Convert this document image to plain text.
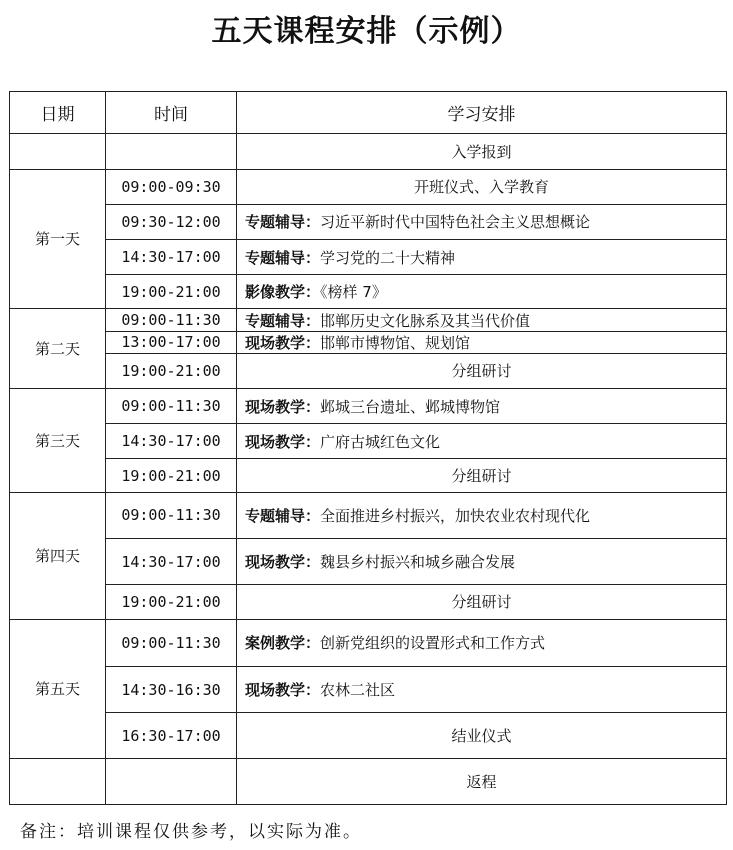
五天课程安排（示例）
日期	时间	学习安排
		入学报到
第一天	09:00-09:30	开班仪式、入学教育
	09:30-12:00	专题辅导：习近平新时代中国特色社会主义思想概论
	14:30-17:00	专题辅导：学习党的二十大精神
	19:00-21:00	影像教学：《榜样 7》
第二天	09:00-11:30	专题辅导：邯郸历史文化脉系及其当代价值
	13:00-17:00	现场教学：邯郸市博物馆、规划馆
	19:00-21:00	分组研讨
第三天	09:00-11:30	现场教学：邺城三台遗址、邺城博物馆
	14:30-17:00	现场教学：广府古城红色文化
	19:00-21:00	分组研讨
第四天	09:00-11:30	专题辅导：全面推进乡村振兴，加快农业农村现代化
	14:30-17:00	现场教学：魏县乡村振兴和城乡融合发展
	19:00-21:00	分组研讨
第五天	09:00-11:30	案例教学：创新党组织的设置形式和工作方式
	14:30-16:30	现场教学：农林二社区
	16:30-17:00	结业仪式
		返程
备注：培训课程仅供参考，以实际为准。
